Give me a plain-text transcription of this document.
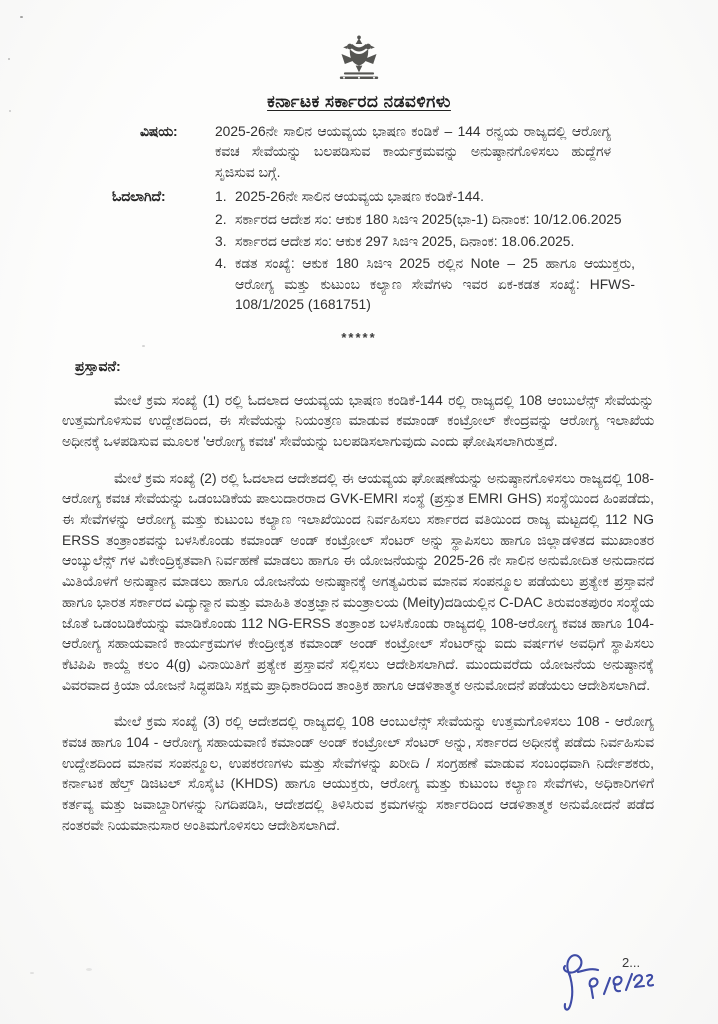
ಕರ್ನಾಟಕ ಸರ್ಕಾರದ ನಡವಳಿಗಳು
ವಿಷಯ:	2025-26ನೇ ಸಾಲಿನ ಆಯವ್ಯಯ ಭಾಷಣ ಕಂಡಿಕೆ – 144 ರನ್ವಯ ರಾಜ್ಯದಲ್ಲಿ ಆರೋಗ್ಯ ಕವಚ ಸೇವೆಯನ್ನು ಬಲಪಡಿಸುವ ಕಾರ್ಯಕ್ರಮವನ್ನು ಅನುಷ್ಠಾನಗೊಳಿಸಲು ಹುದ್ದೆಗಳ ಸೃಜಿಸುವ ಬಗ್ಗೆ.
ಓದಲಾಗಿದೆ:	2025-26ನೇ ಸಾಲಿನ ಆಯವ್ಯಯ ಭಾಷಣ ಕಂಡಿಕೆ-144.
ಸರ್ಕಾರದ ಆದೇಶ ಸಂ: ಆಕುಕ 180 ಸಿಜಿಇ 2025(ಭಾ-1) ದಿನಾಂಕ: 10/12.06.2025
ಸರ್ಕಾರದ ಆದೇಶ ಸಂ: ಆಕುಕ 297 ಸಿಜಿಇ 2025, ದಿನಾಂಕ: 18.06.2025.
ಕಡತ ಸಂಖ್ಯೆ: ಆಕುಕ 180 ಸಿಜಿಇ 2025 ರಲ್ಲಿನ Note – 25 ಹಾಗೂ ಆಯುಕ್ತರು, ಆರೋಗ್ಯ ಮತ್ತು ಕುಟುಂಬ ಕಲ್ಯಾಣ ಸೇವೆಗಳು ಇವರ ಏಕ-ಕಡತ ಸಂಖ್ಯೆ: HFWS-108/1/2025 (1681751)
*****
ಪ್ರಸ್ತಾವನೆ:

ಮೇಲೆ ಕ್ರಮ ಸಂಖ್ಯೆ (1) ರಲ್ಲಿ ಓದಲಾದ ಆಯವ್ಯಯ ಭಾಷಣ ಕಂಡಿಕೆ-144 ರಲ್ಲಿ ರಾಜ್ಯದಲ್ಲಿ 108 ಆಂಬುಲೆನ್ಸ್ ಸೇವೆಯನ್ನು ಉತ್ತಮಗೊಳಿಸುವ ಉದ್ದೇಶದಿಂದ, ಈ ಸೇವೆಯನ್ನು ನಿಯಂತ್ರಣ ಮಾಡುವ ಕಮಾಂಡ್ ಕಂಟ್ರೋಲ್ ಕೇಂದ್ರವನ್ನು ಆರೋಗ್ಯ ಇಲಾಖೆಯ ಅಧೀನಕ್ಕೆ ಒಳಪಡಿಸುವ ಮೂಲಕ 'ಆರೋಗ್ಯ ಕವಚ' ಸೇವೆಯನ್ನು ಬಲಪಡಿಸಲಾಗುವುದು ಎಂದು ಘೋಷಿಸಲಾಗಿರುತ್ತದೆ.

ಮೇಲೆ ಕ್ರಮ ಸಂಖ್ಯೆ (2) ರಲ್ಲಿ ಓದಲಾದ ಆದೇಶದಲ್ಲಿ ಈ ಆಯವ್ಯಯ ಘೋಷಣೆಯನ್ನು ಅನುಷ್ಠಾನಗೊಳಿಸಲು ರಾಜ್ಯದಲ್ಲಿ 108-ಆರೋಗ್ಯ ಕವಚ ಸೇವೆಯನ್ನು ಒಡಂಬಡಿಕೆಯ ಪಾಲುದಾರರಾದ GVK-EMRI ಸಂಸ್ಥೆ (ಪ್ರಸ್ತುತ EMRI GHS) ಸಂಸ್ಥೆಯಿಂದ ಹಿಂಪಡೆದು, ಈ ಸೇವೆಗಳನ್ನು ಆರೋಗ್ಯ ಮತ್ತು ಕುಟುಂಬ ಕಲ್ಯಾಣ ಇಲಾಖೆಯಿಂದ ನಿರ್ವಹಿಸಲು ಸರ್ಕಾರದ ವತಿಯಿಂದ ರಾಜ್ಯ ಮಟ್ಟದಲ್ಲಿ 112 NG ERSS ತಂತ್ರಾಂಶವನ್ನು ಬಳಸಿಕೊಂಡು ಕಮಾಂಡ್ ಅಂಡ್ ಕಂಟ್ರೋಲ್ ಸೆಂಟರ್ ಅನ್ನು ಸ್ಥಾಪಿಸಲು ಹಾಗೂ ಜಿಲ್ಲಾಡಳಿತದ ಮುಖಾಂತರ ಆಂಬ್ಯುಲೆನ್ಸ್ ಗಳ ವಿಕೇಂದ್ರಿಕೃತವಾಗಿ ನಿರ್ವಹಣೆ ಮಾಡಲು ಹಾಗೂ ಈ ಯೋಜನೆಯನ್ನು 2025-26 ನೇ ಸಾಲಿನ ಅನುಮೋದಿತ ಅನುದಾನದ ಮಿತಿಯೊಳಗೆ ಅನುಷ್ಠಾನ ಮಾಡಲು ಹಾಗೂ ಯೋಜನೆಯ ಅನುಷ್ಠಾನಕ್ಕೆ ಅಗತ್ಯವಿರುವ ಮಾನವ ಸಂಪನ್ಮೂಲ ಪಡೆಯಲು ಪ್ರತ್ಯೇಕ ಪ್ರಸ್ತಾವನೆ ಹಾಗೂ ಭಾರತ ಸರ್ಕಾರದ ವಿದ್ಯುನ್ಮಾನ ಮತ್ತು ಮಾಹಿತಿ ತಂತ್ರಜ್ಞಾನ ಮಂತ್ರಾಲಯ (Meity)ದಡಿಯಲ್ಲಿನ C-DAC ತಿರುವಂತಪುರಂ ಸಂಸ್ಥೆಯ ಜೊತೆ ಒಡಂಬಡಿಕೆಯನ್ನು ಮಾಡಿಕೊಂಡು 112 NG-ERSS ತಂತ್ರಾಂಶ ಬಳಸಿಕೊಂಡು ರಾಜ್ಯದಲ್ಲಿ 108-ಆರೋಗ್ಯ ಕವಚ ಹಾಗೂ 104-ಆರೋಗ್ಯ ಸಹಾಯವಾಣಿ ಕಾರ್ಯಕ್ರಮಗಳ ಕೇಂದ್ರೀಕೃತ ಕಮಾಂಡ್ ಅಂಡ್ ಕಂಟ್ರೋಲ್ ಸೆಂಟರ್‌ನ್ನು ಐದು ವರ್ಷಗಳ ಅವಧಿಗೆ ಸ್ಥಾಪಿಸಲು ಕೆಟಿಪಿಪಿ ಕಾಯ್ದೆ ಕಲಂ 4(g) ವಿನಾಯಿತಿಗೆ ಪ್ರತ್ಯೇಕ ಪ್ರಸ್ತಾವನೆ ಸಲ್ಲಿಸಲು ಆದೇಶಿಸಲಾಗಿದೆ. ಮುಂದುವರೆದು ಯೋಜನೆಯ ಅನುಷ್ಠಾನಕ್ಕೆ ವಿವರವಾದ ಕ್ರಿಯಾ ಯೋಜನೆ ಸಿದ್ಧಪಡಿಸಿ ಸಕ್ಷಮ ಪ್ರಾಧಿಕಾರದಿಂದ ತಾಂತ್ರಿಕ ಹಾಗೂ ಆಡಳಿತಾತ್ಮಕ ಅನುಮೋದನೆ ಪಡೆಯಲು ಆದೇಶಿಸಲಾಗಿದೆ.

ಮೇಲೆ ಕ್ರಮ ಸಂಖ್ಯೆ (3) ರಲ್ಲಿ ಆದೇಶದಲ್ಲಿ ರಾಜ್ಯದಲ್ಲಿ 108 ಆಂಬುಲೆನ್ಸ್ ಸೇವೆಯನ್ನು ಉತ್ತಮಗೊಳಿಸಲು 108 - ಆರೋಗ್ಯ ಕವಚ ಹಾಗೂ 104 - ಆರೋಗ್ಯ ಸಹಾಯವಾಣಿ ಕಮಾಂಡ್ ಅಂಡ್ ಕಂಟ್ರೋಲ್ ಸೆಂಟರ್ ಅನ್ನು, ಸರ್ಕಾರದ ಅಧೀನಕ್ಕೆ ಪಡೆದು ನಿರ್ವಹಿಸುವ ಉದ್ದೇಶದಿಂದ ಮಾನವ ಸಂಪನ್ಮೂಲ, ಉಪಕರಣಗಳು ಮತ್ತು ಸೇವೆಗಳನ್ನು ಖರೀದಿ / ಸಂಗ್ರಹಣೆ ಮಾಡುವ ಸಂಬಂಧವಾಗಿ ನಿರ್ದೇಶಕರು, ಕರ್ನಾಟಕ ಹೆಲ್ತ್ ಡಿಜಿಟಲ್ ಸೊಸೈಟಿ (KHDS) ಹಾಗೂ ಆಯುಕ್ತರು, ಆರೋಗ್ಯ ಮತ್ತು ಕುಟುಂಬ ಕಲ್ಯಾಣ ಸೇವೆಗಳು, ಅಧಿಕಾರಿಗಳಿಗೆ ಕರ್ತವ್ಯ ಮತ್ತು ಜವಾಬ್ದಾರಿಗಳನ್ನು ನಿಗದಿಪಡಿಸಿ, ಆದೇಶದಲ್ಲಿ ತಿಳಿಸಿರುವ ಕ್ರಮಗಳನ್ನು ಸರ್ಕಾರದಿಂದ ಆಡಳಿತಾತ್ಮಕ ಅನುಮೋದನೆ ಪಡೆದ ನಂತರವೇ ನಿಯಮಾನುಸಾರ ಅಂತಿಮಗೊಳಿಸಲು ಆದೇಶಿಸಲಾಗಿದೆ.

2...
